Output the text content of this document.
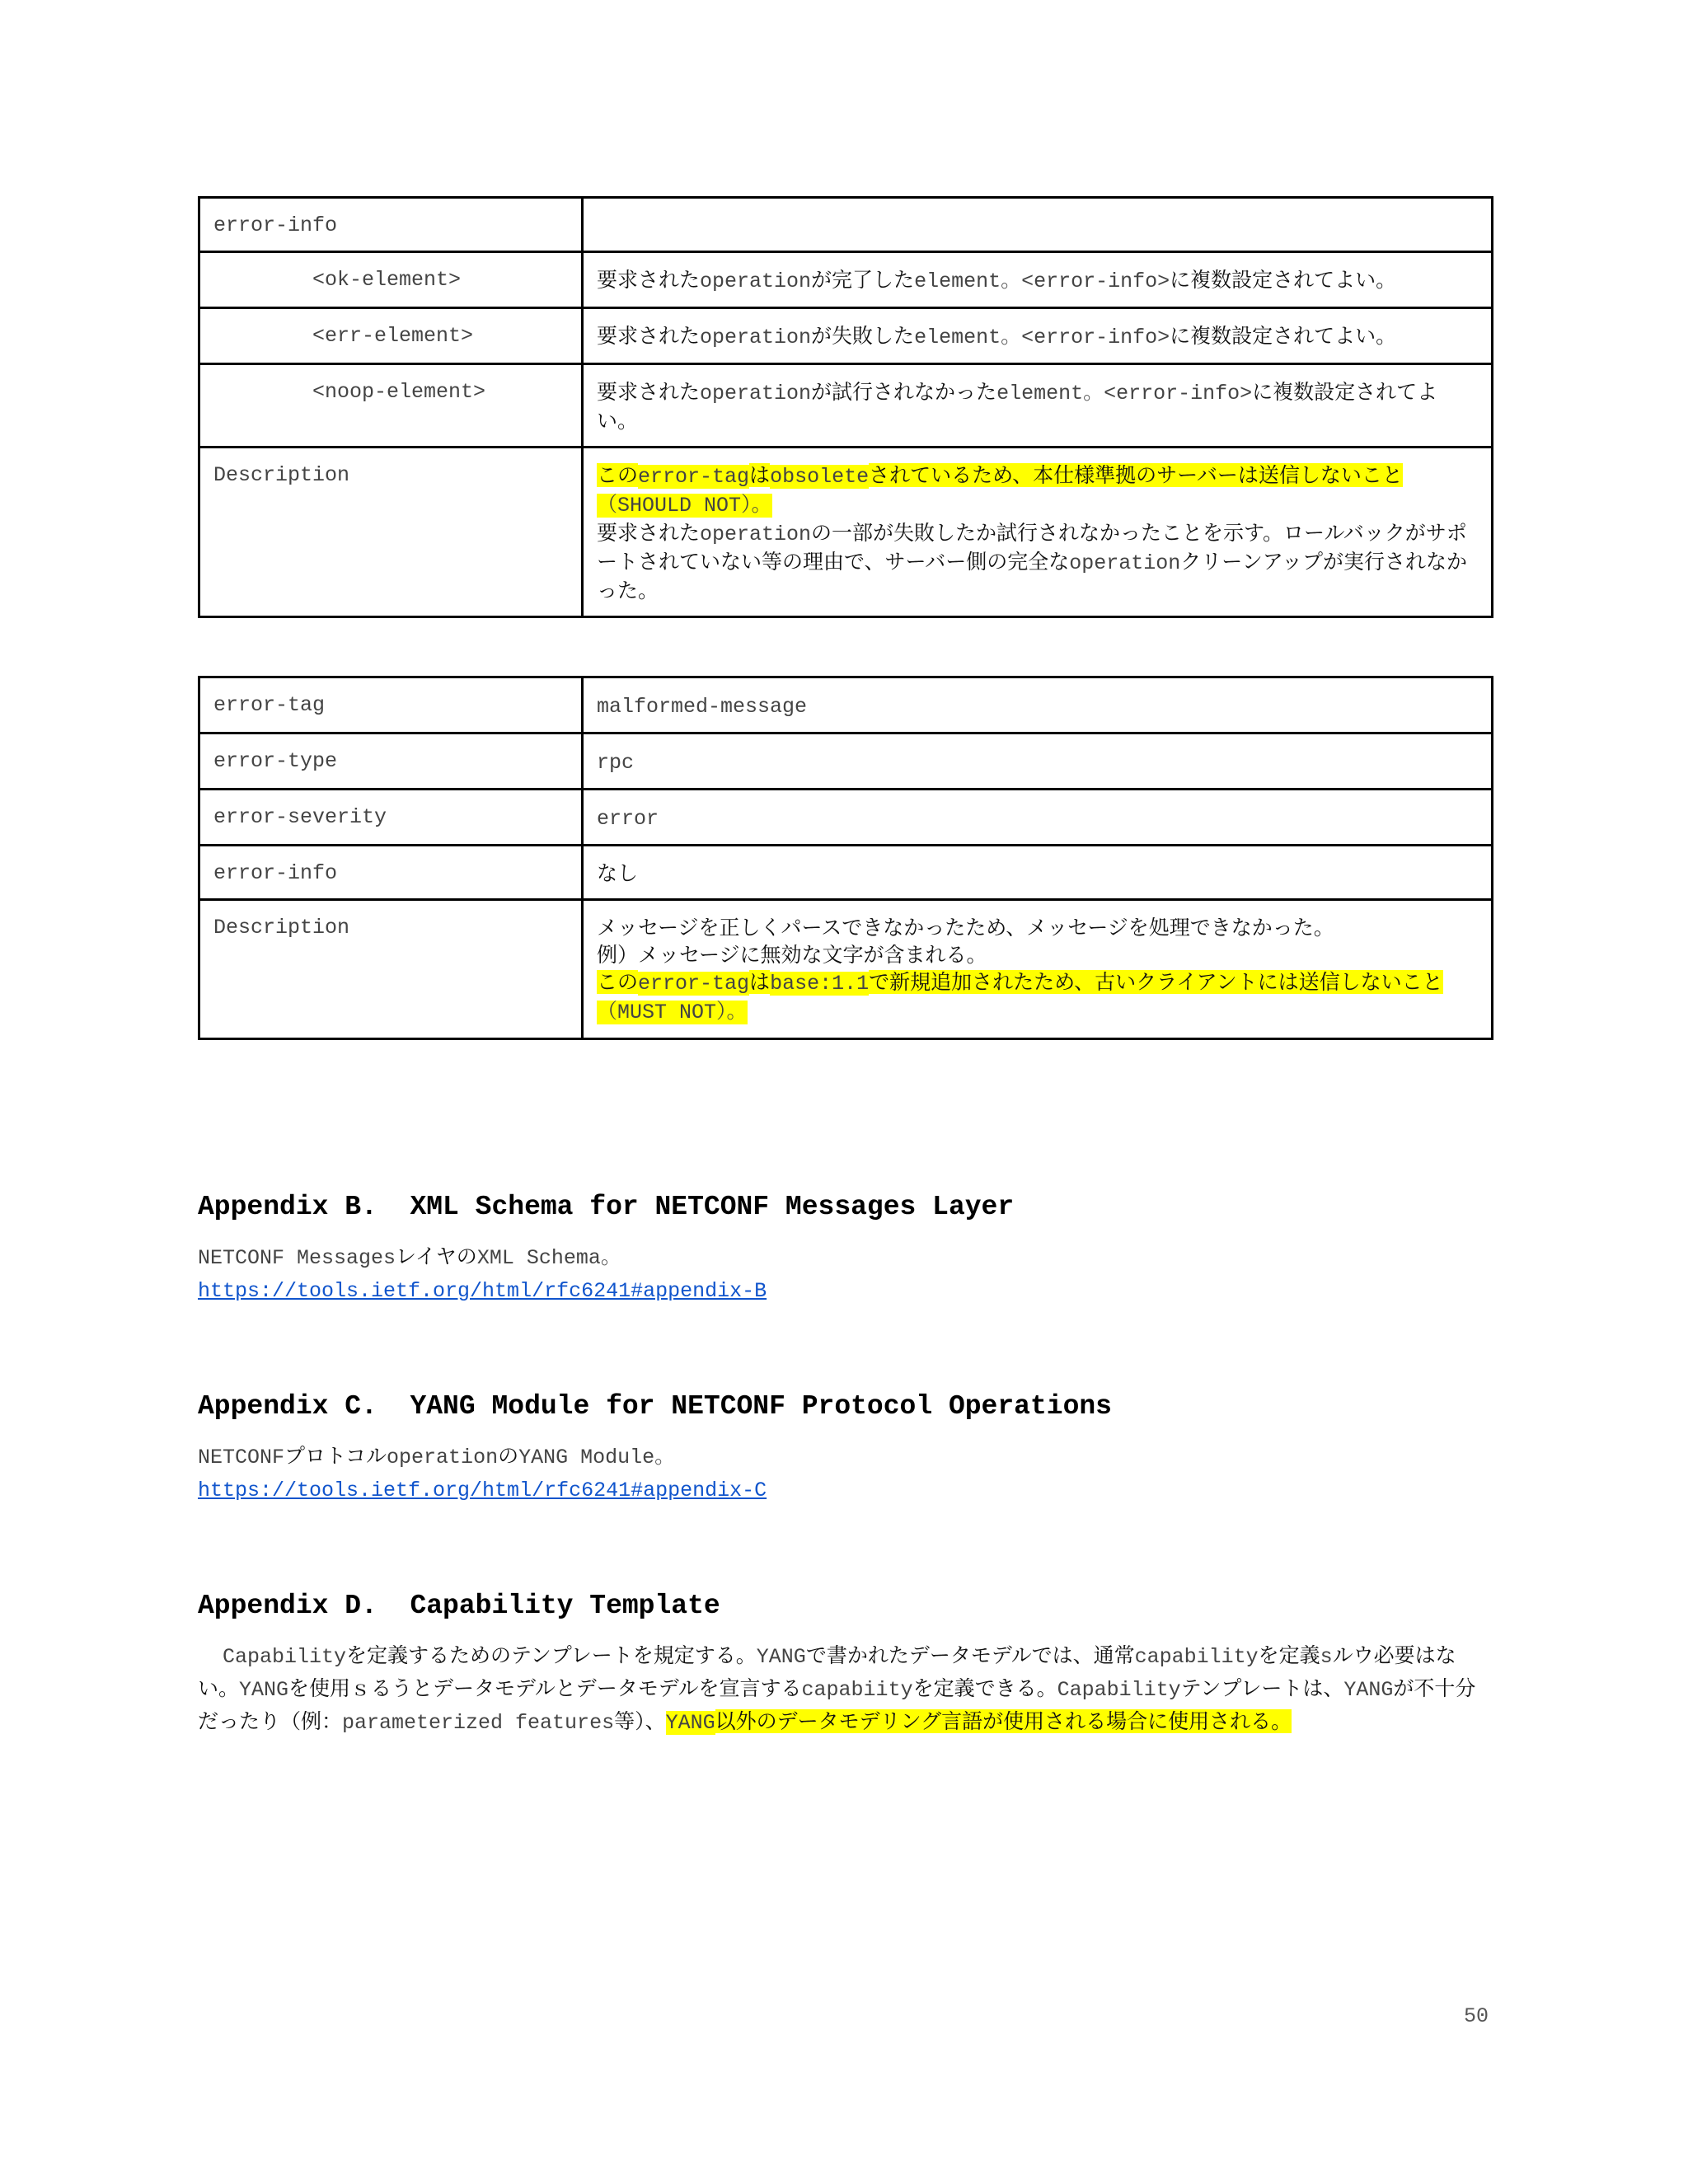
error-info	
<ok-element>	要求されたoperationが完了したelement。<error-info>に複数設定されてよい。
<err-element>	要求されたoperationが失敗したelement。<error-info>に複数設定されてよい。
<noop-element>	要求されたoperationが試行されなかったelement。<error-info>に複数設定されてよい。
Description	このerror-tagはobsoleteされているため、本仕様準拠のサーバーは送信しないこと（SHOULD NOT）。
要求されたoperationの一部が失敗したか試行されなかったことを示す。ロールバックがサポートされていない等の理由で、サーバー側の完全なoperationクリーンアップが実行されなかった。
error-tag	malformed-message
error-type	rpc
error-severity	error
error-info	なし
Description	メッセージを正しくパースできなかったため、メッセージを処理できなかった。
例）メッセージに無効な文字が含まれる。
このerror-tagはbase:1.1で新規追加されたため、古いクライアントには送信しないこと（MUST NOT）。
Appendix B.  XML Schema for NETCONF Messages Layer
NETCONF MessagesレイヤのXML Schema。
https://tools.ietf.org/html/rfc6241#appendix-B
Appendix C.  YANG Module for NETCONF Protocol Operations
NETCONFプロトコルoperationのYANG Module。
https://tools.ietf.org/html/rfc6241#appendix-C
Appendix D.  Capability Template
Capabilityを定義するためのテンプレートを規定する。YANGで書かれたデータモデルでは、通常capabilityを定義sルウ必要はない。YANGを使用ｓるうとデータモデルとデータモデルを宣言するcapabiityを定義できる。Capabilityテンプレートは、YANGが不十分だったり（例：parameterized features等）、YANG以外のデータモデリング言語が使用される場合に使用される。
50
